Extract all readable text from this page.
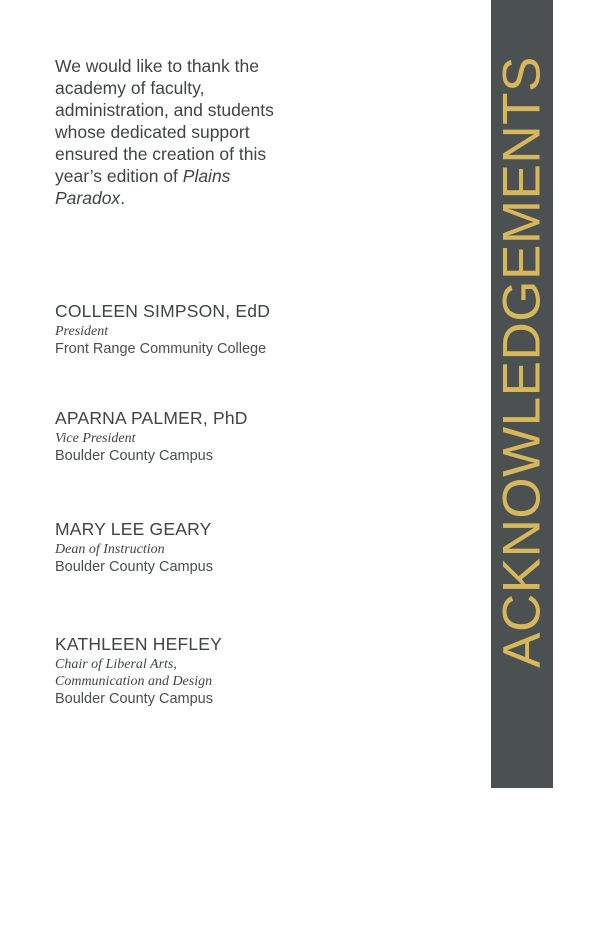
We would like to thank the academy of faculty, administration, and students whose dedicated support ensured the creation of this year’s edition of Plains Paradox.

COLLEEN SIMPSON, EdD
President
Front Range Community College
APARNA PALMER, PhD
Vice President
Boulder County Campus
MARY LEE GEARY
Dean of Instruction
Boulder County Campus
KATHLEEN HEFLEY
Chair of Liberal Arts,
Communication and Design
Boulder County Campus
ACKNOWLEDGEMENTS
